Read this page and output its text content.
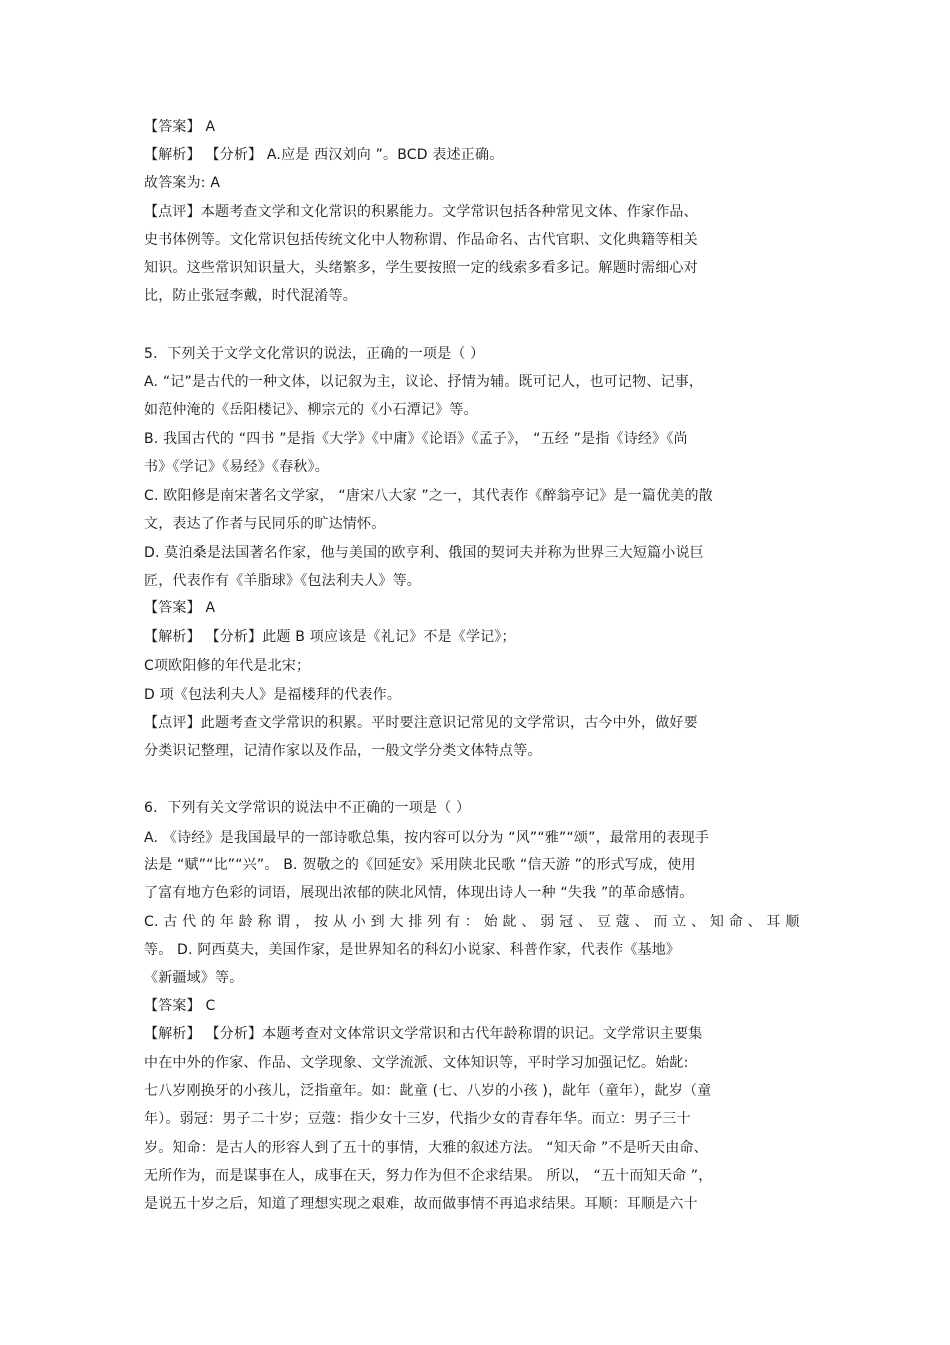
【答案】 A
【解析】 【分析】 A.应是 西汉刘向 ”。BCD 表述正确。
故答案为: A
【点评】本题考查文学和文化常识的积累能力。文学常识包括各种常见文体、作家作品、
史书体例等。文化常识包括传统文化中人物称谓、作品命名、古代官职、文化典籍等相关
知识。这些常识知识量大，头绪繁多，学生要按照一定的线索多看多记。解题时需细心对
比，防止张冠李戴，时代混淆等。
5．下列关于文学文化常识的说法，正确的一项是（ ）
A. “记”是古代的一种文体，以记叙为主，议论、抒情为辅。既可记人，也可记物、记事，
如范仲淹的《岳阳楼记》、柳宗元的《小石潭记》等。
B. 我国古代的 “四书 ”是指《大学》《中庸》《论语》《孟子》， “五经 ”是指《诗经》《尚
书》《学记》《易经》《春秋》。
C. 欧阳修是南宋著名文学家， “唐宋八大家 ”之一，其代表作《醉翁亭记》是一篇优美的散
文，表达了作者与民同乐的旷达情怀。
D. 莫泊桑是法国著名作家，他与美国的欧亨利、俄国的契诃夫并称为世界三大短篇小说巨
匠，代表作有《羊脂球》《包法利夫人》等。
【答案】 A
【解析】 【分析】此题 B 项应该是《礼记》不是《学记》；
C项欧阳修的年代是北宋；
D 项《包法利夫人》是福楼拜的代表作。
【点评】此题考查文学常识的积累。平时要注意识记常见的文学常识，古今中外，做好要
分类识记整理，记清作家以及作品，一般文学分类文体特点等。
6．下列有关文学常识的说法中不正确的一项是（ ）
A. 《诗经》是我国最早的一部诗歌总集，按内容可以分为 “风”“雅”“颂”，最常用的表现手
法是 “赋”“比”“兴”。 B. 贺敬之的《回延安》采用陕北民歌 “信天游 ”的形式写成，使用
了富有地方色彩的词语，展现出浓郁的陕北风情，体现出诗人一种 “失我 ”的革命感情。
C. 古 代 的 年 龄 称 谓 ， 按 从 小 到 大 排 列 有 ： 始 龀 、 弱 冠 、 豆 蔻 、 而 立 、 知 命 、 耳 顺
等。 D. 阿西莫夫，美国作家，是世界知名的科幻小说家、科普作家，代表作《基地》
《新疆域》等。
【答案】 C
【解析】 【分析】本题考查对文体常识文学常识和古代年龄称谓的识记。文学常识主要集
中在中外的作家、作品、文学现象、文学流派、文体知识等，平时学习加强记忆。始龀:
七八岁刚换牙的小孩儿，泛指童年。如：龀童 (七、八岁的小孩 )，龀年（童年），龀岁（童
年）。弱冠：男子二十岁；豆蔻：指少女十三岁，代指少女的青春年华。而立：男子三十
岁。知命：是古人的形容人到了五十的事情，大雅的叙述方法。 “知天命 ”不是听天由命、
无所作为，而是谋事在人，成事在天，努力作为但不企求结果。 所以， “五十而知天命 ”，
是说五十岁之后，知道了理想实现之艰难，故而做事情不再追求结果。耳顺：耳顺是六十
